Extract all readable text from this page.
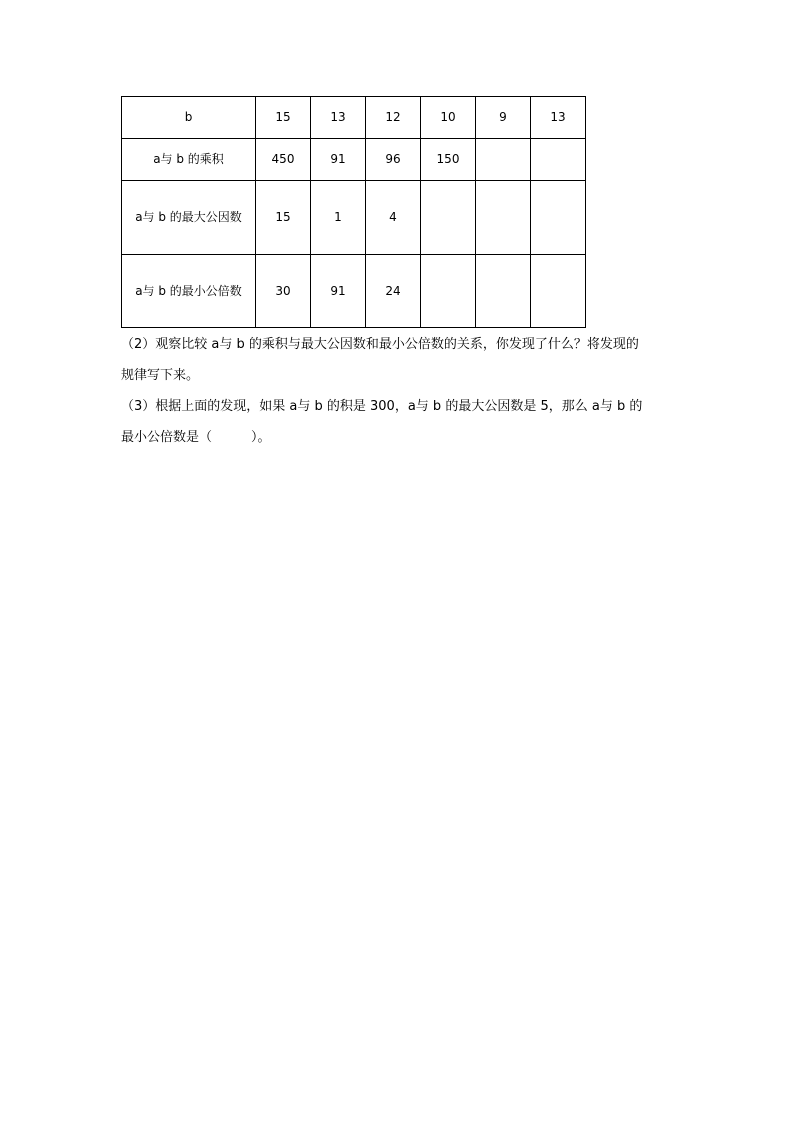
b	15	13	12	10	9	13
a与 b 的乘积	450	91	96	150		
a与 b 的最大公因数	15	1	4			
a与 b 的最小公倍数	30	91	24			
（2）观察比较 a与 b 的乘积与最大公因数和最小公倍数的关系，你发现了什么？将发现的
规律写下来。
（3）根据上面的发现，如果 a与 b 的积是 300，a与 b 的最大公因数是 5，那么 a与 b 的
最小公倍数是（　　　）。
